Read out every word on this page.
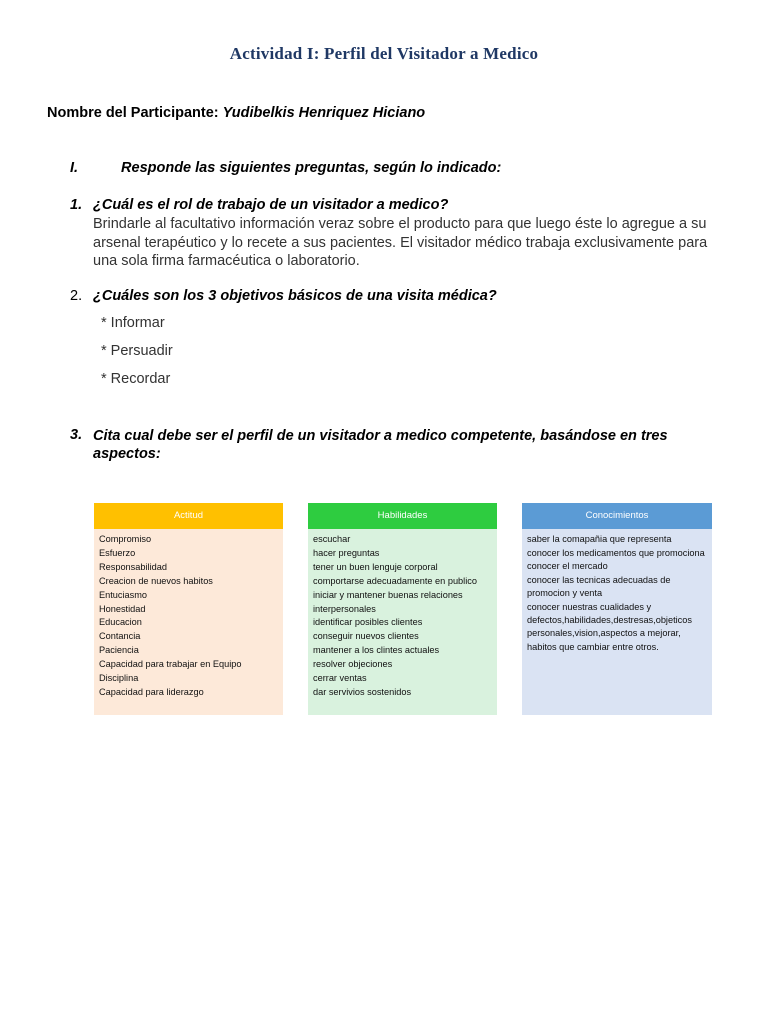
Actividad I: Perfil del Visitador a Medico
Nombre del Participante: Yudibelkis Henriquez Hiciano
I.	Responde las siguientes preguntas, según lo indicado:
1. ¿Cuál es el rol de trabajo de un visitador a medico?
Brindarle al facultativo información veraz sobre el producto para que luego éste lo agregue a su arsenal terapéutico y lo recete a sus pacientes. El visitador médico trabaja exclusivamente para una sola firma farmacéutica o laboratorio.
2. ¿Cuáles son los 3 objetivos básicos de una visita médica?
* Informar
* Persuadir
* Recordar
3. Cita cual debe ser el perfil de un visitador a medico competente, basándose en tres aspectos:
Actitud
Compromiso
Esfuerzo
Responsabilidad
Creacion de nuevos habitos
Entuciasmo
Honestidad
Educacion
Contancia
Paciencia
Capacidad para trabajar en Equipo
Disciplina
Capacidad para liderazgo
Habilidades
escuchar
hacer preguntas
tener un buen lenguje corporal
comportarse adecuadamente en publico
iniciar y mantener buenas relaciones interpersonales
identificar posibles clientes
conseguir nuevos clientes
mantener a los clintes actuales
resolver objeciones
cerrar ventas
dar servivios sostenidos
Conocimientos
saber la comapañia que representa
conocer los medicamentos que promociona
conocer el mercado
conocer las tecnicas adecuadas de promocion y venta
conocer nuestras cualidades y defectos,habilidades,destresas,objeticos personales,vision,aspectos a mejorar, habitos que cambiar entre otros.
